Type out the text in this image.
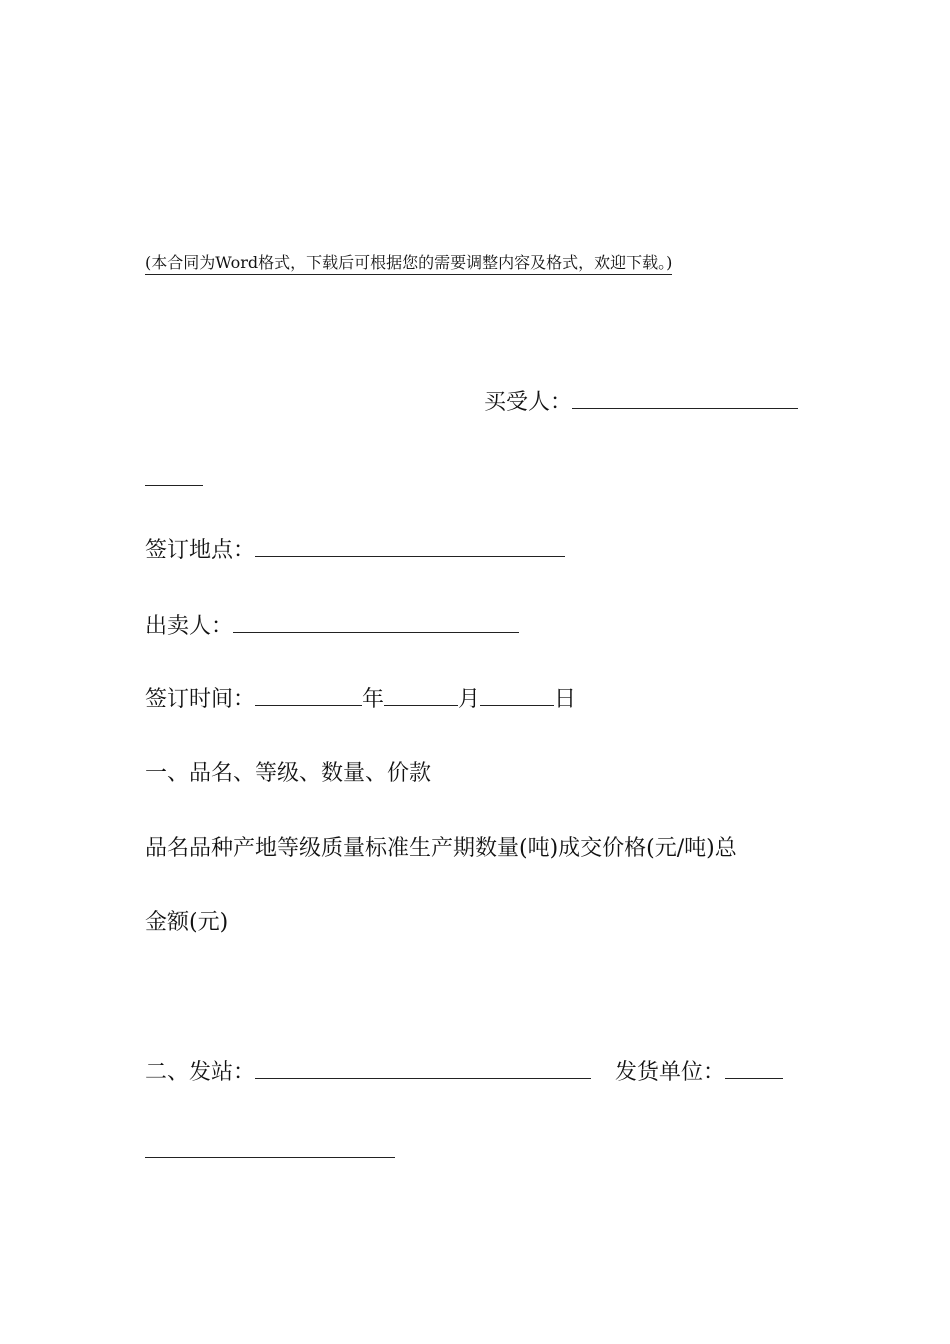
(本合同为Word格式，下载后可根据您的需要调整内容及格式，欢迎下载。)
买受人：
签订地点：
出卖人：
签订时间：	年	月	日
一、品名、等级、数量、价款
品名品种产地等级质量标准生产期数量(吨)成交价格(元/吨)总
金额(元)
二、发站：	发货单位：
